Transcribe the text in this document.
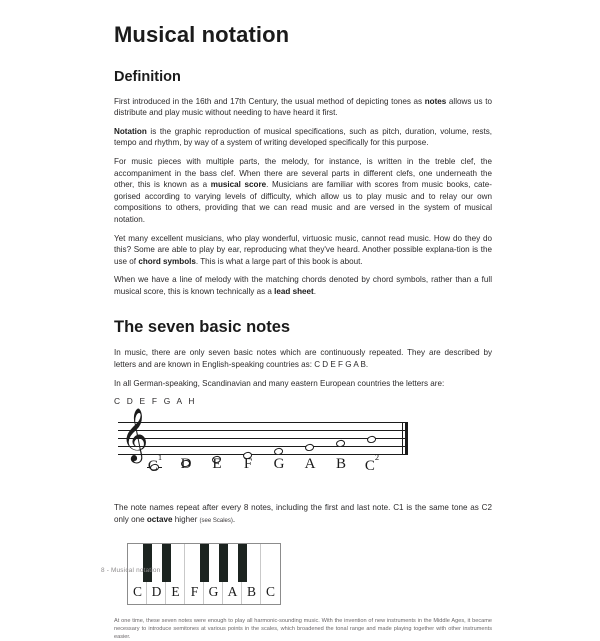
Musical notation
Definition

First introduced in the 16th and 17th Century, the usual method of depicting tones as notes allows us to distribute and play music without needing to have heard it first.

Notation is the graphic reproduction of musical specifications, such as pitch, duration, volume, rests, tempo and rhythm, by way of a system of writing developed specifically for this purpose.

For music pieces with multiple parts, the melody, for instance, is written in the treble clef, the accompaniment in the bass clef. When there are several parts in different clefs, one underneath the other, this is known as a musical score. Musicians are familiar with scores from music books, cate-gorised according to varying levels of difficulty, which allow us to play music and to relay our own compositions to others, providing that we can read music and are versed in the system of musical notation.

Yet many excellent musicians, who play wonderful, virtuosic music, cannot read music. How do they do this? Some are able to play by ear, reproducing what they've heard. Another possible explana-tion is the use of chord symbols. This is what a large part of this book is about.

When we have a line of melody with the matching chords denoted by chord symbols, rather than a full musical score, this is known technically as a lead sheet.

The seven basic notes

In music, there are only seven basic notes which are continuously repeated. They are described by letters and are known in English-speaking countries as: C D E F G A B.

In all German-speaking, Scandinavian and many eastern European countries the letters are:

C D E F G A H

𝄞
$C^1$	D	E	F	G	A	B	$C^2$

The note names repeat after every 8 notes, including the first and last note. C1 is the same tone as C2 only one octave higher (see Scales).

C D E F G A B C

At one time, these seven notes were enough to play all harmonic-sounding music. With the invention of new instruments in the Middle Ages, it became necessary to introduce semitones at various points in the scales, which broadened the tonal range and made playing together with other instruments easier.

8 - Musical notation
